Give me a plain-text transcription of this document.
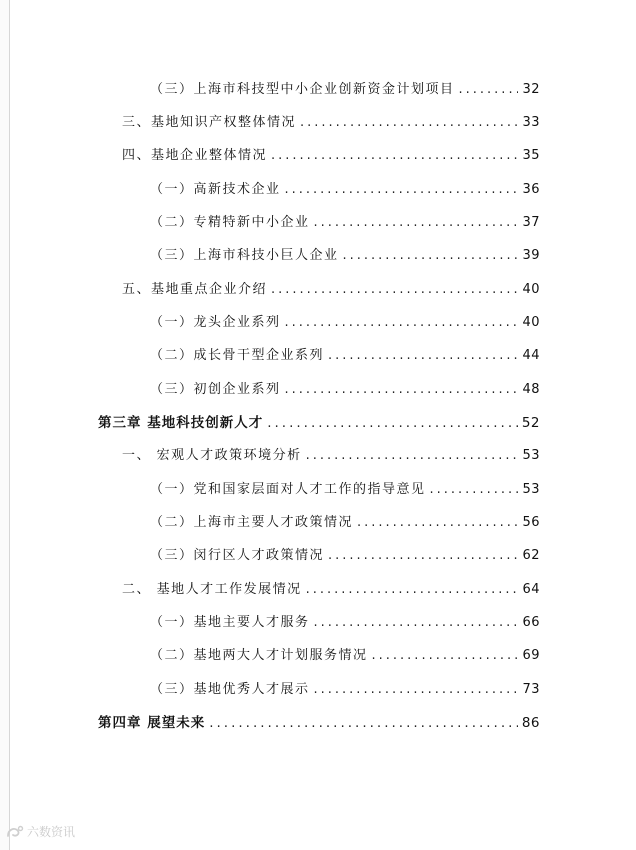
（三）上海市科技型中小企业创新资金计划项目 .....	32
三、基地知识产权整体情况 .....	33
四、基地企业整体情况 .....	35
（一）高新技术企业 .....	36
（二）专精特新中小企业 .....	37
（三）上海市科技小巨人企业 .....	39
五、基地重点企业介绍 .....	40
（一）龙头企业系列 .....	40
（二）成长骨干型企业系列 .....	44
（三）初创企业系列 .....	48
第三章 基地科技创新人才 .....	52
一、 宏观人才政策环境分析 .....	53
（一）党和国家层面对人才工作的指导意见 .....	53
（二）上海市主要人才政策情况 .....	56
（三）闵行区人才政策情况 .....	62
二、 基地人才工作发展情况 .....	64
（一）基地主要人才服务 .....	66
（二）基地两大人才计划服务情况 .....	69
（三）基地优秀人才展示 .....	73
第四章 展望未来 .....	86
六数资讯
